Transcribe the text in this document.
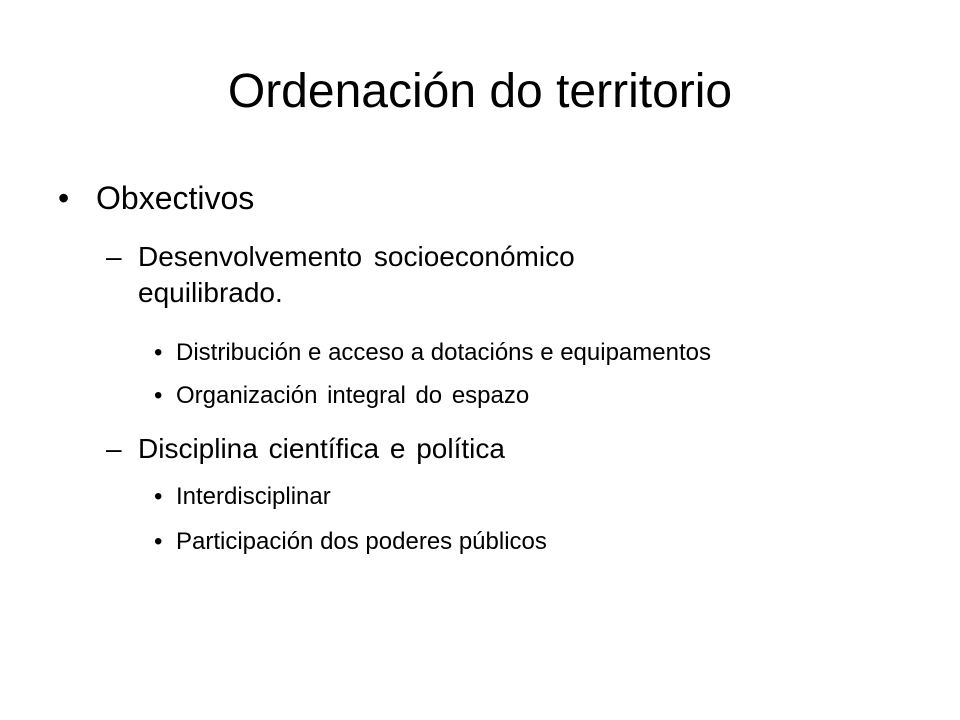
Ordenación do territorio
• Obxectivos
– Desenvolvemento socioeconómico
equilibrado.
• Distribución e acceso a dotacións e equipamentos
• Organización integral do espazo
– Disciplina científica e política
• Interdisciplinar
• Participación dos poderes públicos
